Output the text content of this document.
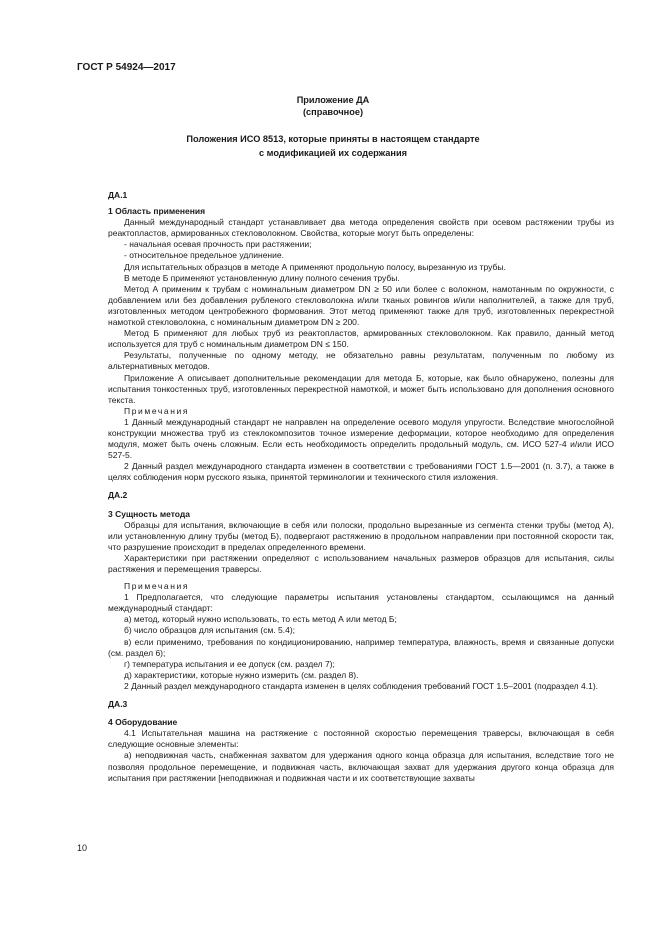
ГОСТ Р 54924—2017
Приложение ДА
(справочное)
Положения ИСО 8513, которые приняты в настоящем стандарте
с модификацией их содержания

ДА.1

1 Область применения

Данный международный стандарт устанавливает два метода определения свойств при осевом растяжении трубы из реактопластов, армированных стекловолокном. Свойства, которые могут быть определены:

- начальная осевая прочность при растяжении;

- относительное предельное удлинение.

Для испытательных образцов в методе А применяют продольную полосу, вырезанную из трубы.

В методе Б применяют установленную длину полного сечения трубы.

Метод А применим к трубам с номинальным диаметром DN ≥ 50 или более с волокном, намотанным по окружности, с добавлением или без добавления рубленого стекловолокна и/или тканых ровингов и/или наполнителей, а также для труб, изготовленных методом центробежного формования. Этот метод применяют также для труб, изготовленных перекрестной намоткой стекловолокна, с номинальным диаметром DN ≥ 200.

Метод Б применяют для любых труб из реактопластов, армированных стекловолокном. Как правило, данный метод используется для труб с номинальным диаметром DN ≤ 150.

Результаты, полученные по одному методу, не обязательно равны результатам, полученным по любому из альтернативных методов.

Приложение А описывает дополнительные рекомендации для метода Б, которые, как было обнаружено, полезны для испытания тонкостенных труб, изготовленных перекрестной намоткой, и может быть использовано для дополнения основного текста.

Примечания

1 Данный международный стандарт не направлен на определение осевого модуля упругости. Вследствие многослойной конструкции множества труб из стеклокомпозитов точное измерение деформации, которое необходимо для определения модуля, может быть очень сложным. Если есть необходимость определить продольный модуль, см. ИСО 527-4 и/или ИСО 527-5.

2 Данный раздел международного стандарта изменен в соответствии с требованиями ГОСТ 1.5—2001 (п. 3.7), а также в целях соблюдения норм русского языка, принятой терминологии и технического стиля изложения.

ДА.2

3 Сущность метода

Образцы для испытания, включающие в себя или полоски, продольно вырезанные из сегмента стенки трубы (метод А), или установленную длину трубы (метод Б), подвергают растяжению в продольном направлении при постоянной скорости так, что разрушение происходит в пределах определенного времени.

Характеристики при растяжении определяют с использованием начальных размеров образцов для испытания, силы растяжения и перемещения траверсы.

Примечания

1 Предполагается, что следующие параметры испытания установлены стандартом, ссылающимся на данный международный стандарт:

а) метод, который нужно использовать, то есть метод А или метод Б;

б) число образцов для испытания (см. 5.4);

в) если применимо, требования по кондиционированию, например температура, влажность, время и связанные допуски (см. раздел 6);

г) температура испытания и ее допуск (см. раздел 7);

д) характеристики, которые нужно измерить (см. раздел 8).

2 Данный раздел международного стандарта изменен в целях соблюдения требований ГОСТ 1.5–2001 (подраздел 4.1).

ДА.3

4 Оборудование

4.1 Испытательная машина на растяжение с постоянной скоростью перемещения траверсы, включающая в себя следующие основные элементы:

а) неподвижная часть, снабженная захватом для удержания одного конца образца для испытания, вследствие того не позволяя продольное перемещение, и подвижная часть, включающая захват для удержания другого конца образца для испытания при растяжении [неподвижная и подвижная части и их соответствующие захваты

10
